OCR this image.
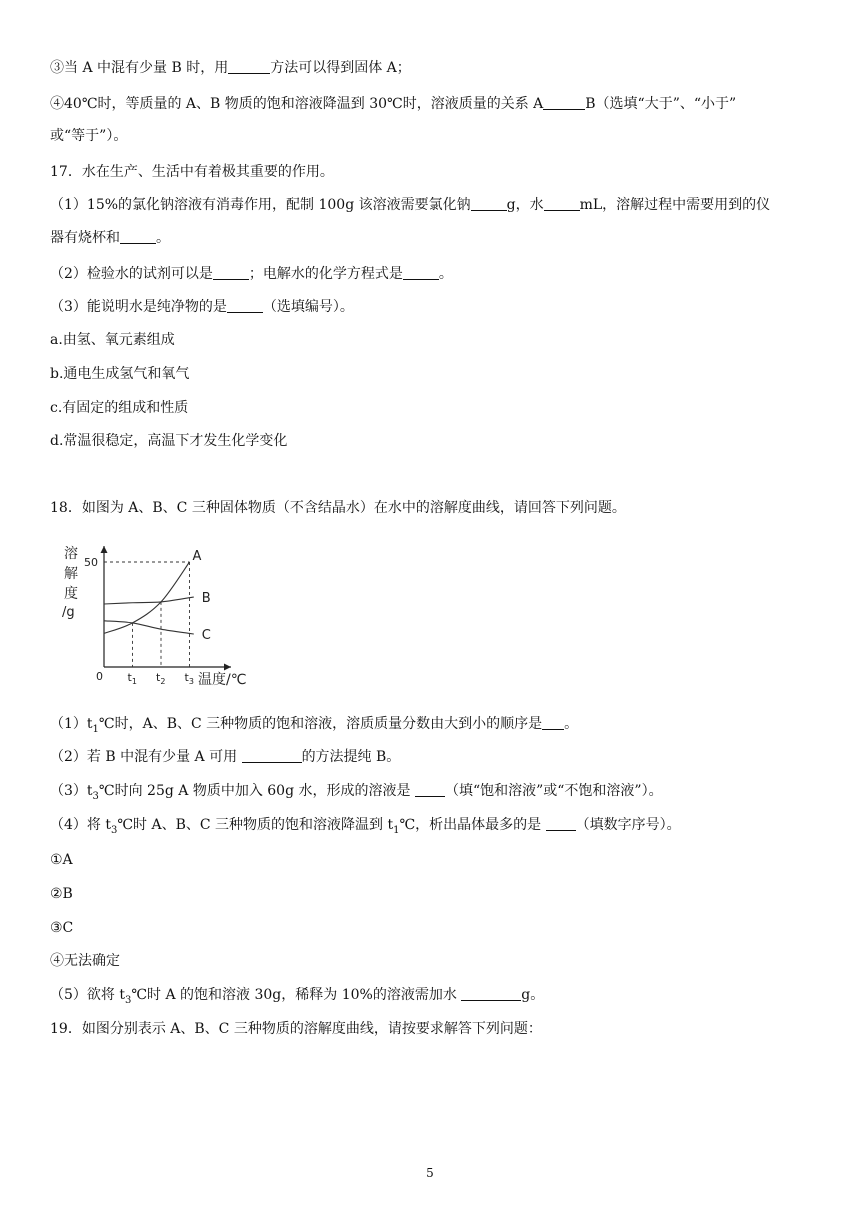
③当 A 中混有少量 B 时，用	方法可以得到固体 A；
④40℃时，等质量的 A、B 物质的饱和溶液降温到 30℃时，溶液质量的关系 A	B（选填“大于”、“小于”
或“等于”）。
17．水在生产、生活中有着极其重要的作用。
（1）15%的氯化钠溶液有消毒作用，配制 100g 该溶液需要氯化钠	g，水	mL，溶解过程中需要用到的仪
器有烧杯和	。
（2）检验水的试剂可以是	；电解水的化学方程式是	。
（3）能说明水是纯净物的是	（选填编号）。
a.由氢、氧元素组成
b.通电生成氢气和氧气
c.有固定的组成和性质
d.常温很稳定，高温下才发生化学变化
18．如图为 A、B、C 三种固体物质（不含结晶水）在水中的溶解度曲线，请回答下列问题。
溶
解
度
/g
0	温度/℃
50
$t_1$ $t_2$ $t_3$
A
B
C
$(1)t_1℃$时，A、B、C 三种物质的饱和溶液，溶质质量分数由大到小的顺序是 。
（2）若 B 中混有少量 A 可用	的方法提纯 B。
$(3)t_3℃$时向 25g A 物质中加入 60g 水，形成的溶液是 （填“饱和溶液”或“不饱和溶液”）。
（4）将 $t_3℃$时 A、B、C 三种物质的饱和溶液降温到 $t_1℃$，析出晶体最多的是 （填数字序号）。
①A
②B
③C
④无法确定
（5）欲将 $t_3℃$时 A 的饱和溶液 30g，稀释为 10%的溶液需加水	g。
19．如图分别表示 A、B、C 三种物质的溶解度曲线，请按要求解答下列问题：
5
